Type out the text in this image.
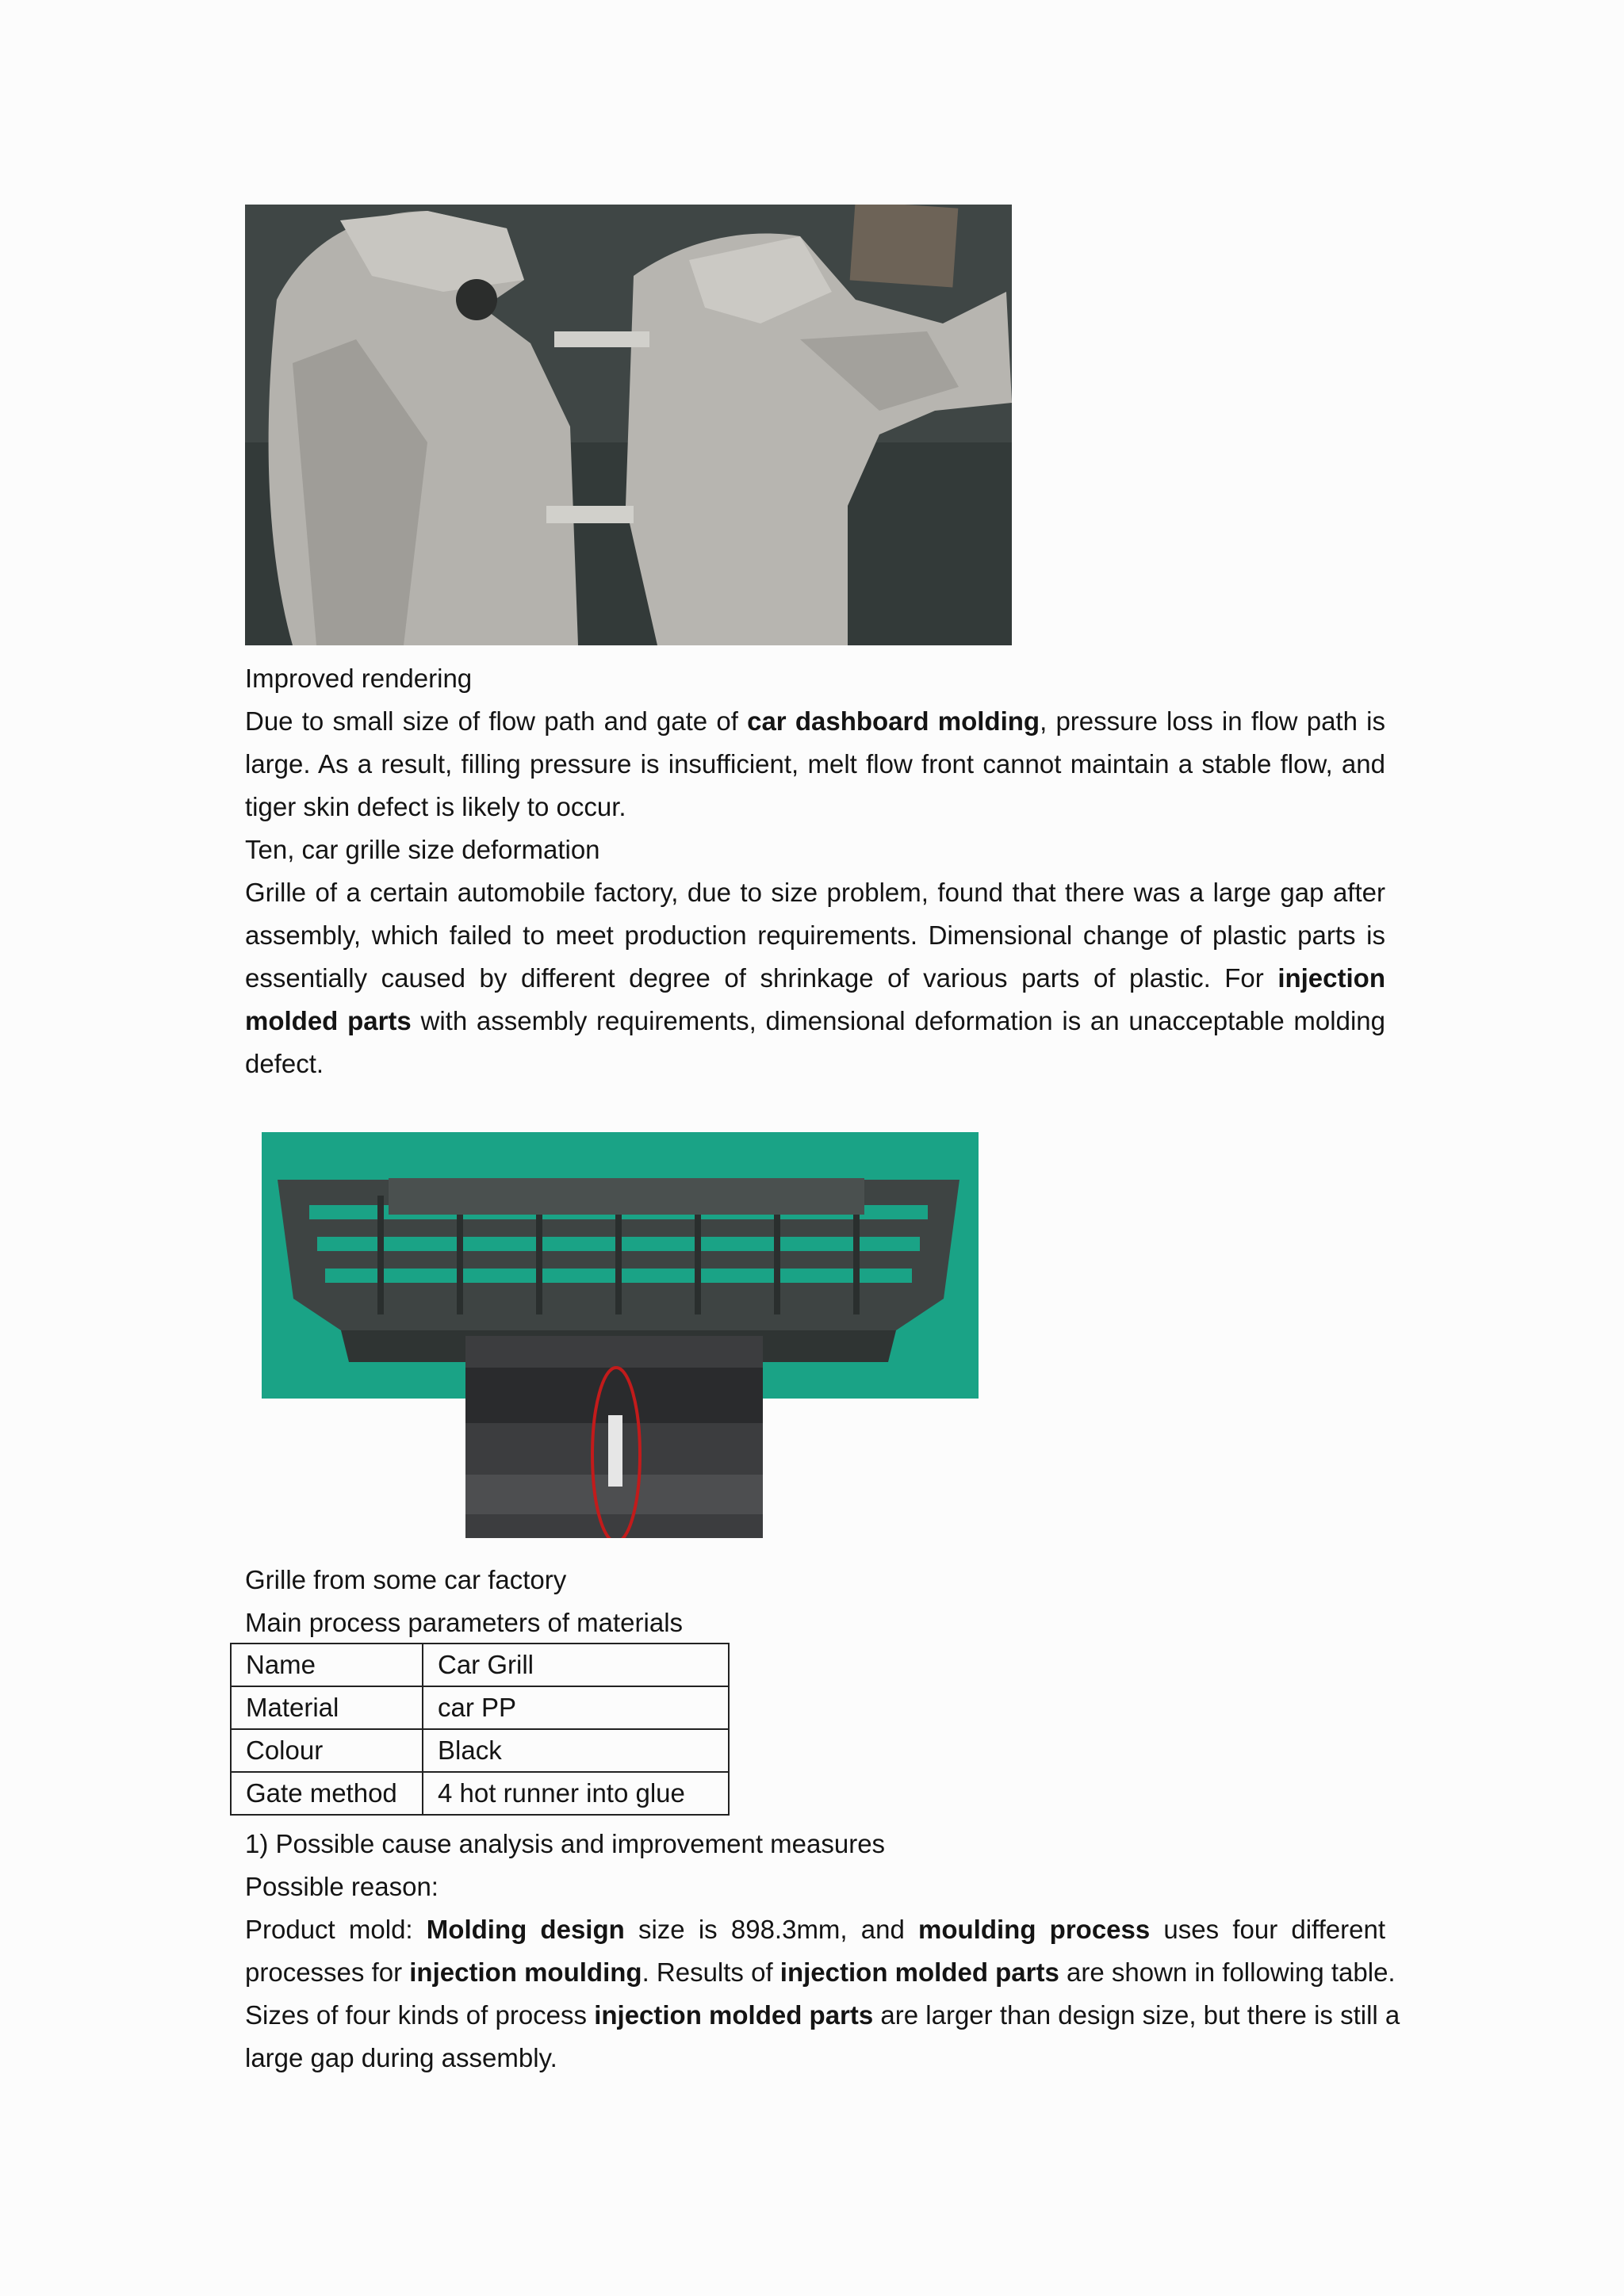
Improved rendering
Due to small size of flow path and gate of car dashboard molding, pressure loss in flow path is
large. As a result, filling pressure is insufficient, melt flow front cannot maintain a stable flow, and
tiger skin defect is likely to occur.
Ten, car grille size deformation
Grille of a certain automobile factory, due to size problem, found that there was a large gap after
assembly, which failed to meet production requirements. Dimensional change of plastic parts is
essentially caused by different degree of shrinkage of various parts of plastic. For injection
molded parts with assembly requirements, dimensional deformation is an unacceptable molding
defect.
Grille from some car factory
Main process parameters of materials
Name	Car Grill
Material	car PP
Colour	Black
Gate method	4 hot runner into glue
1) Possible cause analysis and improvement measures
Possible reason:
Product mold: Molding design size is 898.3mm, and moulding process uses four different
processes for injection moulding. Results of injection molded parts are shown in following table.
Sizes of four kinds of process injection molded parts are larger than design size, but there is still a
large gap during assembly.
